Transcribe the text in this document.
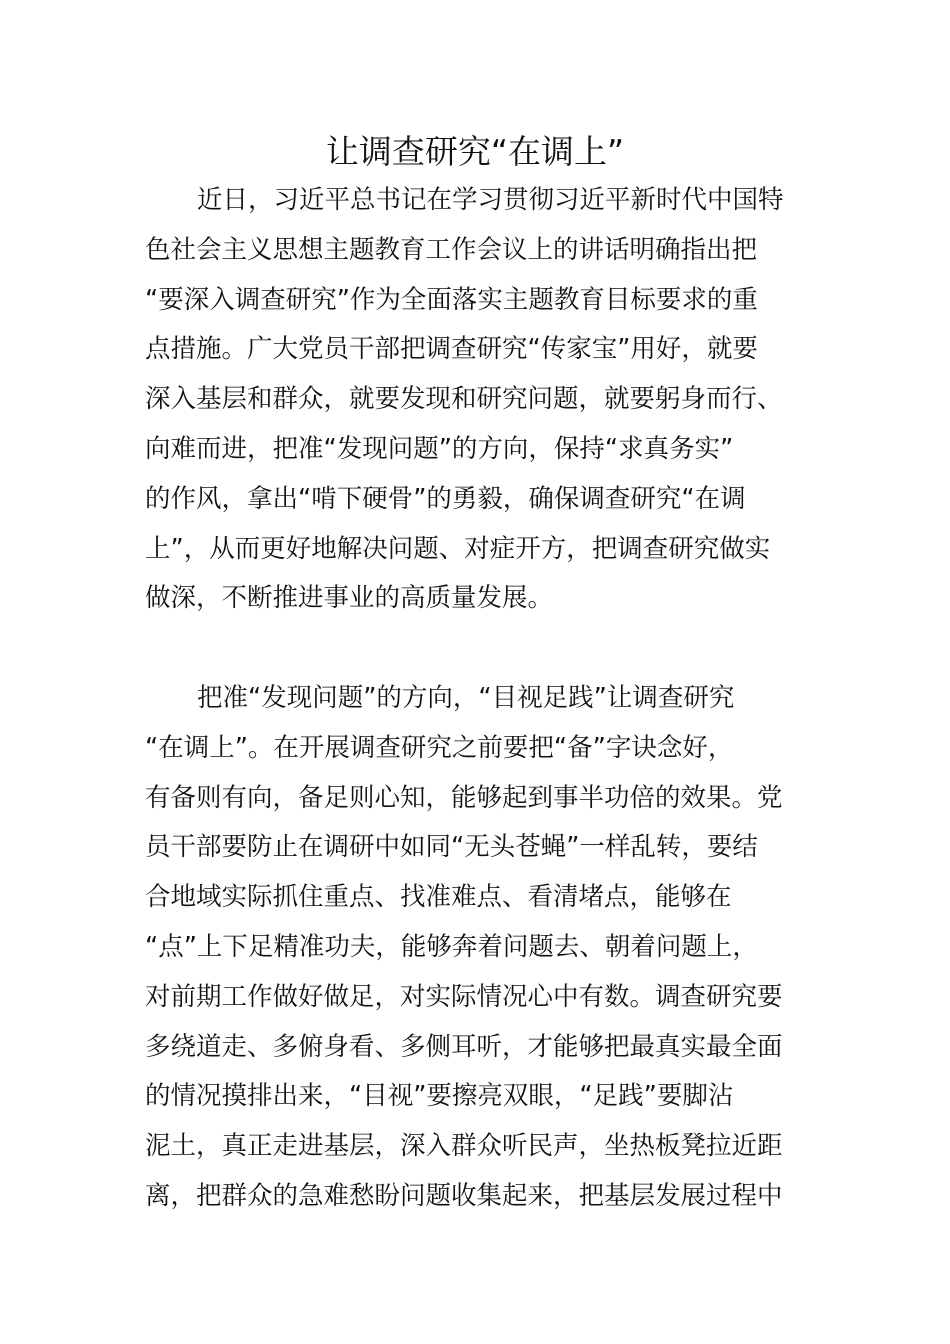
让调查研究“在调上”
近日，习近平总书记在学习贯彻习近平新时代中国特
色社会主义思想主题教育工作会议上的讲话明确指出把
“要深入调查研究”作为全面落实主题教育目标要求的重
点措施。广大党员干部把调查研究“传家宝”用好，就要
深入基层和群众，就要发现和研究问题，就要躬身而行、
向难而进，把准“发现问题”的方向，保持“求真务实”
的作风，拿出“啃下硬骨”的勇毅，确保调查研究“在调
上”，从而更好地解决问题、对症开方，把调查研究做实
做深，不断推进事业的高质量发展。
把准“发现问题”的方向，“目视足践”让调查研究
“在调上”。在开展调查研究之前要把“备”字诀念好，
有备则有向，备足则心知，能够起到事半功倍的效果。党
员干部要防止在调研中如同“无头苍蝇”一样乱转，要结
合地域实际抓住重点、找准难点、看清堵点，能够在
“点”上下足精准功夫，能够奔着问题去、朝着问题上，
对前期工作做好做足，对实际情况心中有数。调查研究要
多绕道走、多俯身看、多侧耳听，才能够把最真实最全面
的情况摸排出来，“目视”要擦亮双眼，“足践”要脚沾
泥土，真正走进基层，深入群众听民声，坐热板凳拉近距
离，把群众的急难愁盼问题收集起来，把基层发展过程中
